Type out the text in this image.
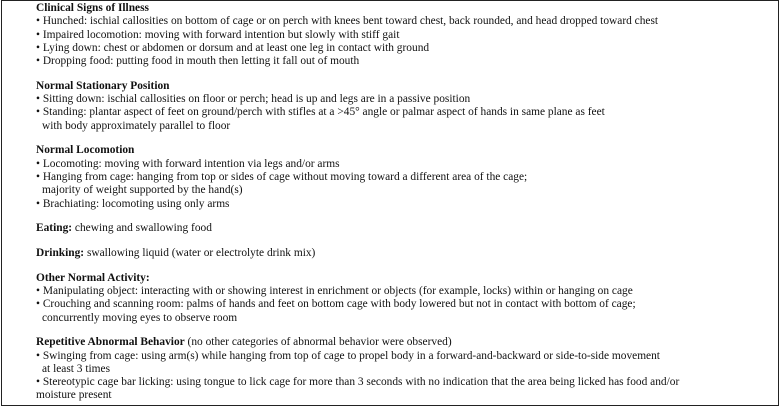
Clinical Signs of Illness
• Hunched: ischial callosities on bottom of cage or on perch with knees bent toward chest, back rounded, and head dropped toward chest
• Impaired locomotion: moving with forward intention but slowly with stiff gait
• Lying down: chest or abdomen or dorsum and at least one leg in contact with ground
• Dropping food: putting food in mouth then letting it fall out of mouth
Normal Stationary Position
• Sitting down: ischial callosities on floor or perch; head is up and legs are in a passive position
• Standing: plantar aspect of feet on ground/perch with stifles at a >45° angle or palmar aspect of hands in same plane as feet
with body approximately parallel to floor
Normal Locomotion
• Locomoting: moving with forward intention via legs and/or arms
• Hanging from cage: hanging from top or sides of cage without moving toward a different area of the cage;
majority of weight supported by the hand(s)
• Brachiating: locomoting using only arms
Eating: chewing and swallowing food
Drinking: swallowing liquid (water or electrolyte drink mix)
Other Normal Activity:
• Manipulating object: interacting with or showing interest in enrichment or objects (for example, locks) within or hanging on cage
• Crouching and scanning room: palms of hands and feet on bottom cage with body lowered but not in contact with bottom of cage;
concurrently moving eyes to observe room
Repetitive Abnormal Behavior (no other categories of abnormal behavior were observed)
• Swinging from cage: using arm(s) while hanging from top of cage to propel body in a forward-and-backward or side-to-side movement
at least 3 times
• Stereotypic cage bar licking: using tongue to lick cage for more than 3 seconds with no indication that the area being licked has food and/or
moisture present
